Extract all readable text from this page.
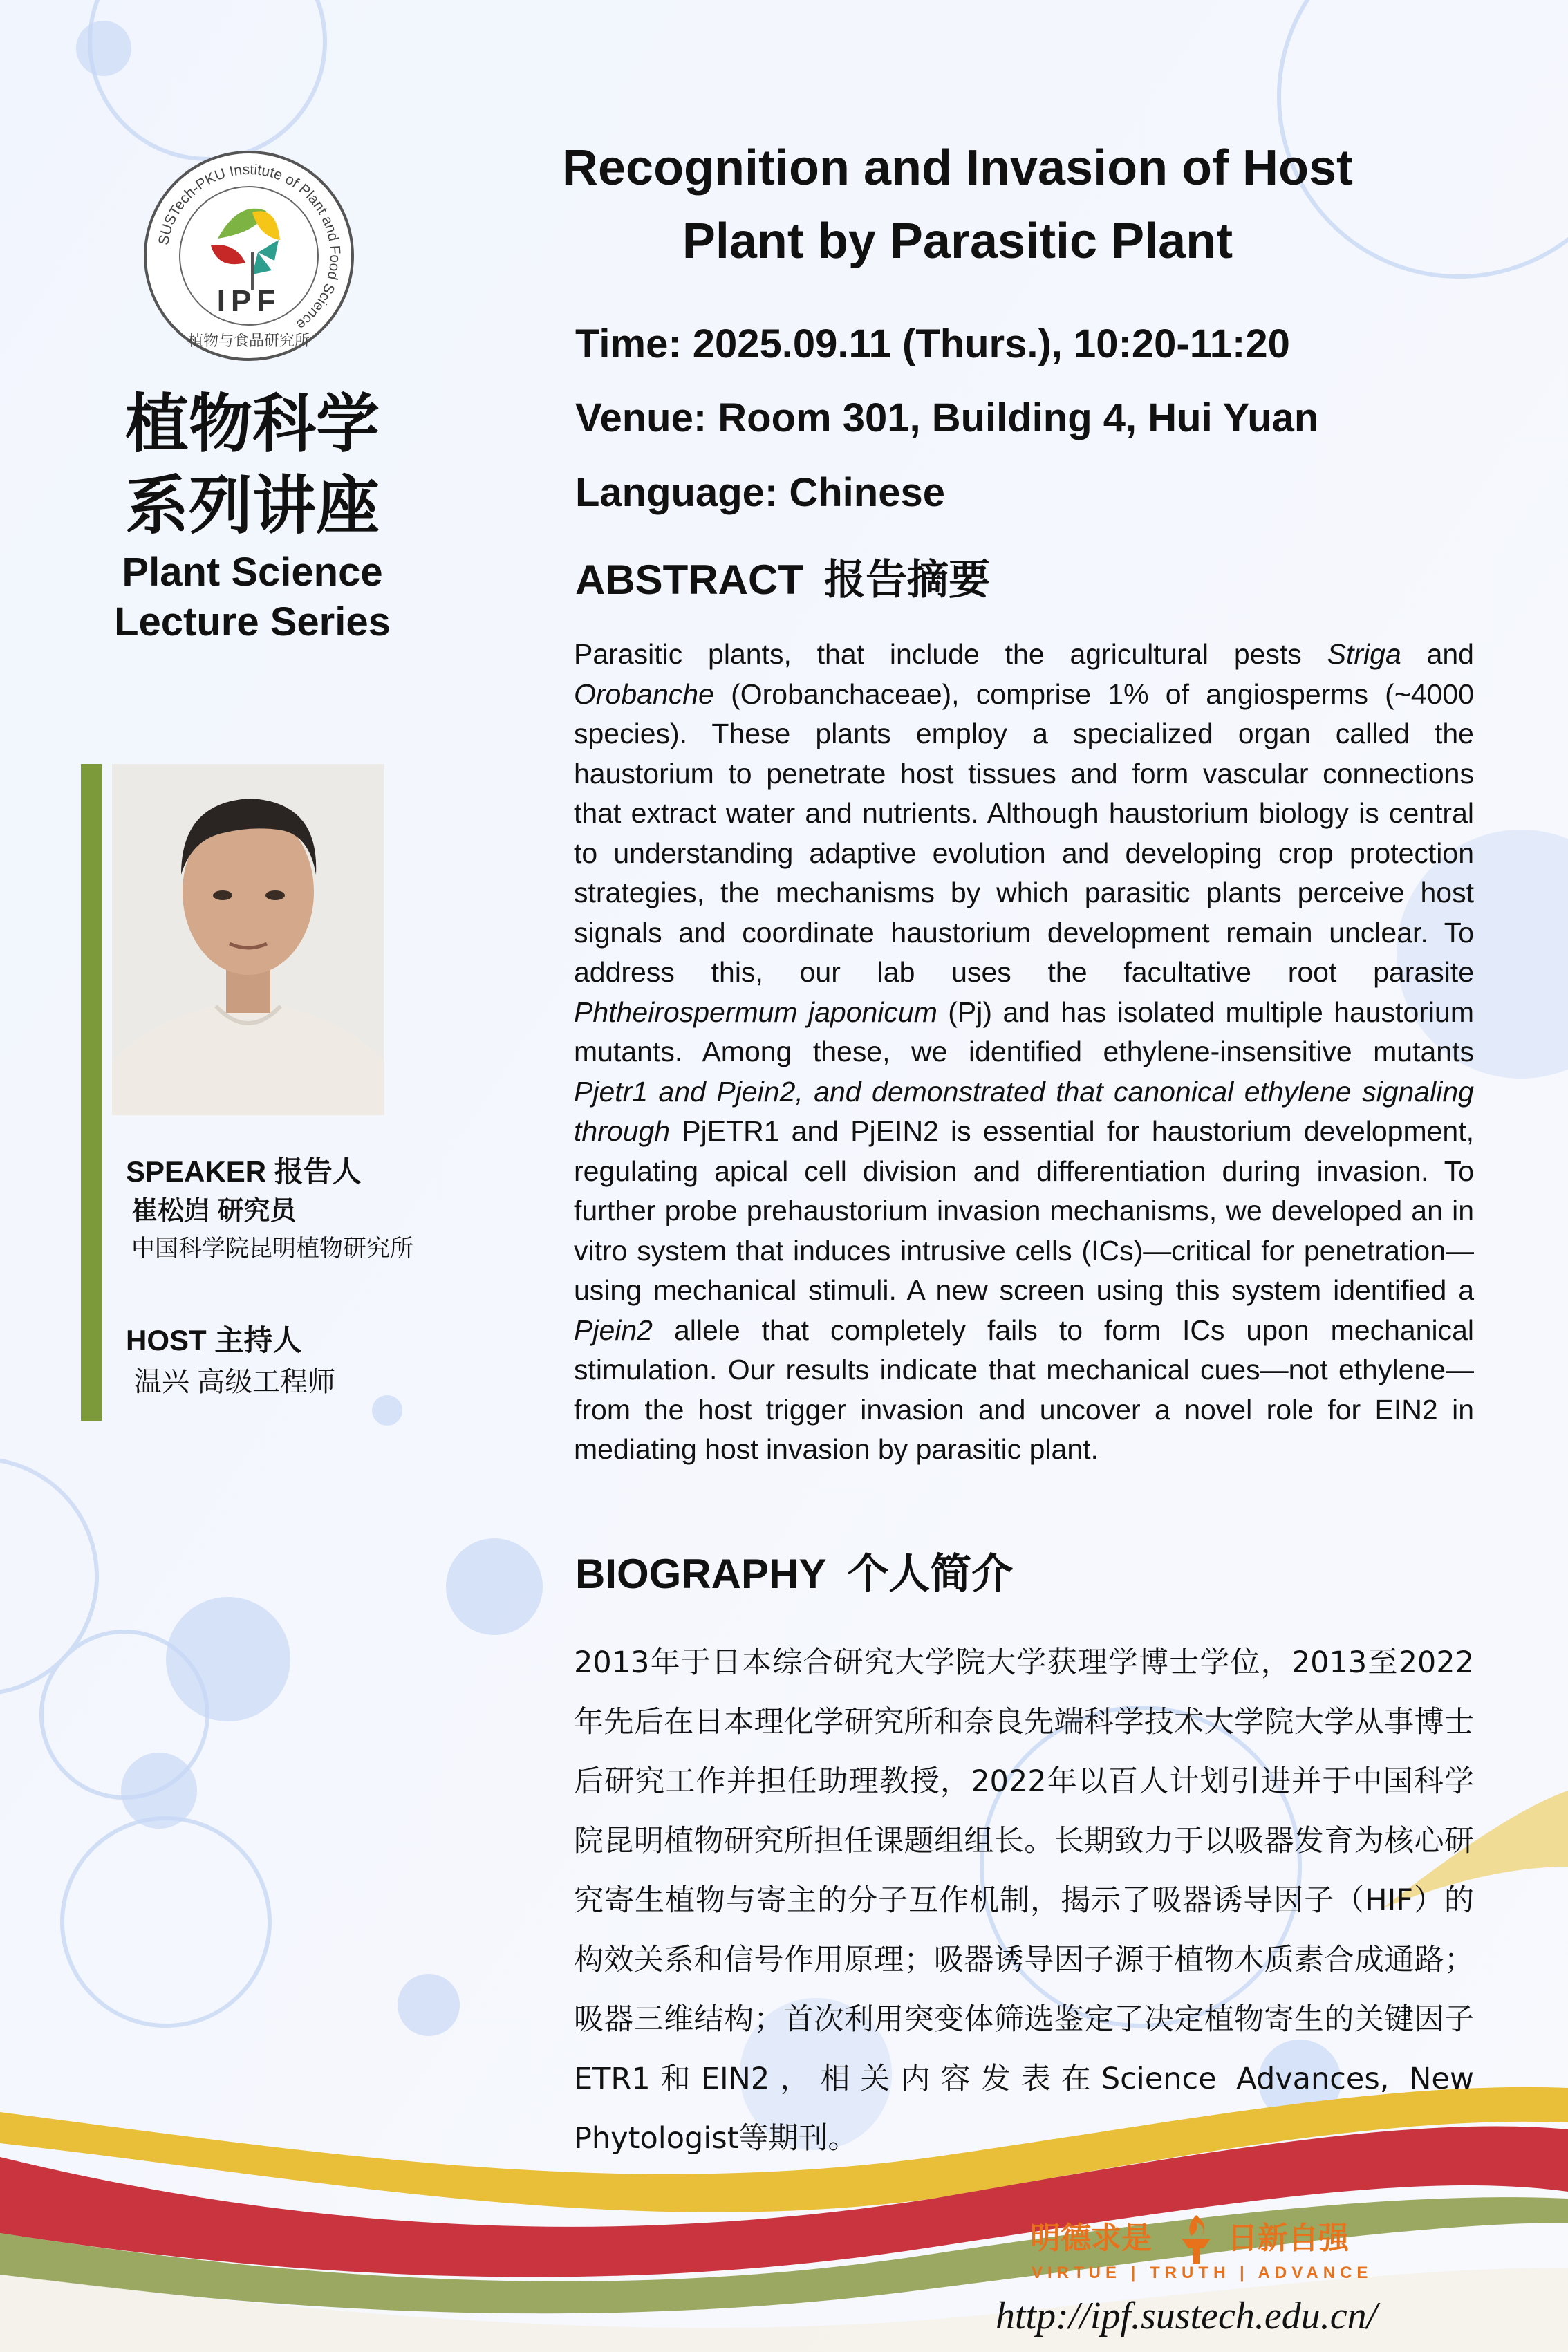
SUSTech-PKU Institute of Plant and Food Science
IPF
植物与食品研究所
植物科学
系列讲座
Plant Science
Lecture Series
SPEAKER 报告人
崔松岿 研究员
中国科学院昆明植物研究所
HOST 主持人
温兴 高级工程师
Recognition and Invasion of Host
Plant by Parasitic Plant
Time: 2025.09.11 (Thurs.), 10:20-11:20
Venue: Room 301, Building 4, Hui Yuan
Language: Chinese
ABSTRACT 报告摘要
Parasitic plants, that include the agricultural pests Striga and Orobanche (Orobanchaceae), comprise 1% of angiosperms (~4000 species). These plants employ a specialized organ called the haustorium to penetrate host tissues and form vascular connections that extract water and nutrients. Although haustorium biology is central to understanding adaptive evolution and developing crop protection strategies, the mechanisms by which parasitic plants perceive host signals and coordinate haustorium development remain unclear. To address this, our lab uses the facultative root parasite Phtheirospermum japonicum (Pj) and has isolated multiple haustorium mutants. Among these, we identified ethylene-insensitive mutants Pjetr1 and Pjein2, and demonstrated that canonical ethylene signaling through PjETR1 and PjEIN2 is essential for haustorium development, regulating apical cell division and differentiation during invasion. To further probe prehaustorium invasion mechanisms, we developed an in vitro system that induces intrusive cells (ICs)—critical for penetration—using mechanical stimuli. A new screen using this system identified a Pjein2 allele that completely fails to form ICs upon mechanical stimulation. Our results indicate that mechanical cues—not ethylene—from the host trigger invasion and uncover a novel role for EIN2 in mediating host invasion by parasitic plant.
BIOGRAPHY 个人简介
2013年于日本综合研究大学院大学获理学博士学位，2013至2022年先后在日本理化学研究所和奈良先端科学技术大学院大学从事博士后研究工作并担任助理教授，2022年以百人计划引进并于中国科学院昆明植物研究所担任课题组组长。长期致力于以吸器发育为核心研究寄生植物与寄主的分子互作机制，揭示了吸器诱导因子（HIF）的构效关系和信号作用原理；吸器诱导因子源于植物木质素合成通路；吸器三维结构；首次利用突变体筛选鉴定了决定植物寄生的关键因子ETR1和EIN2，相关内容发表在Science Advances, New Phytologist等期刊。
明德求是 日新自强
VIRTUE | TRUTH | ADVANCE
http://ipf.sustech.edu.cn/
